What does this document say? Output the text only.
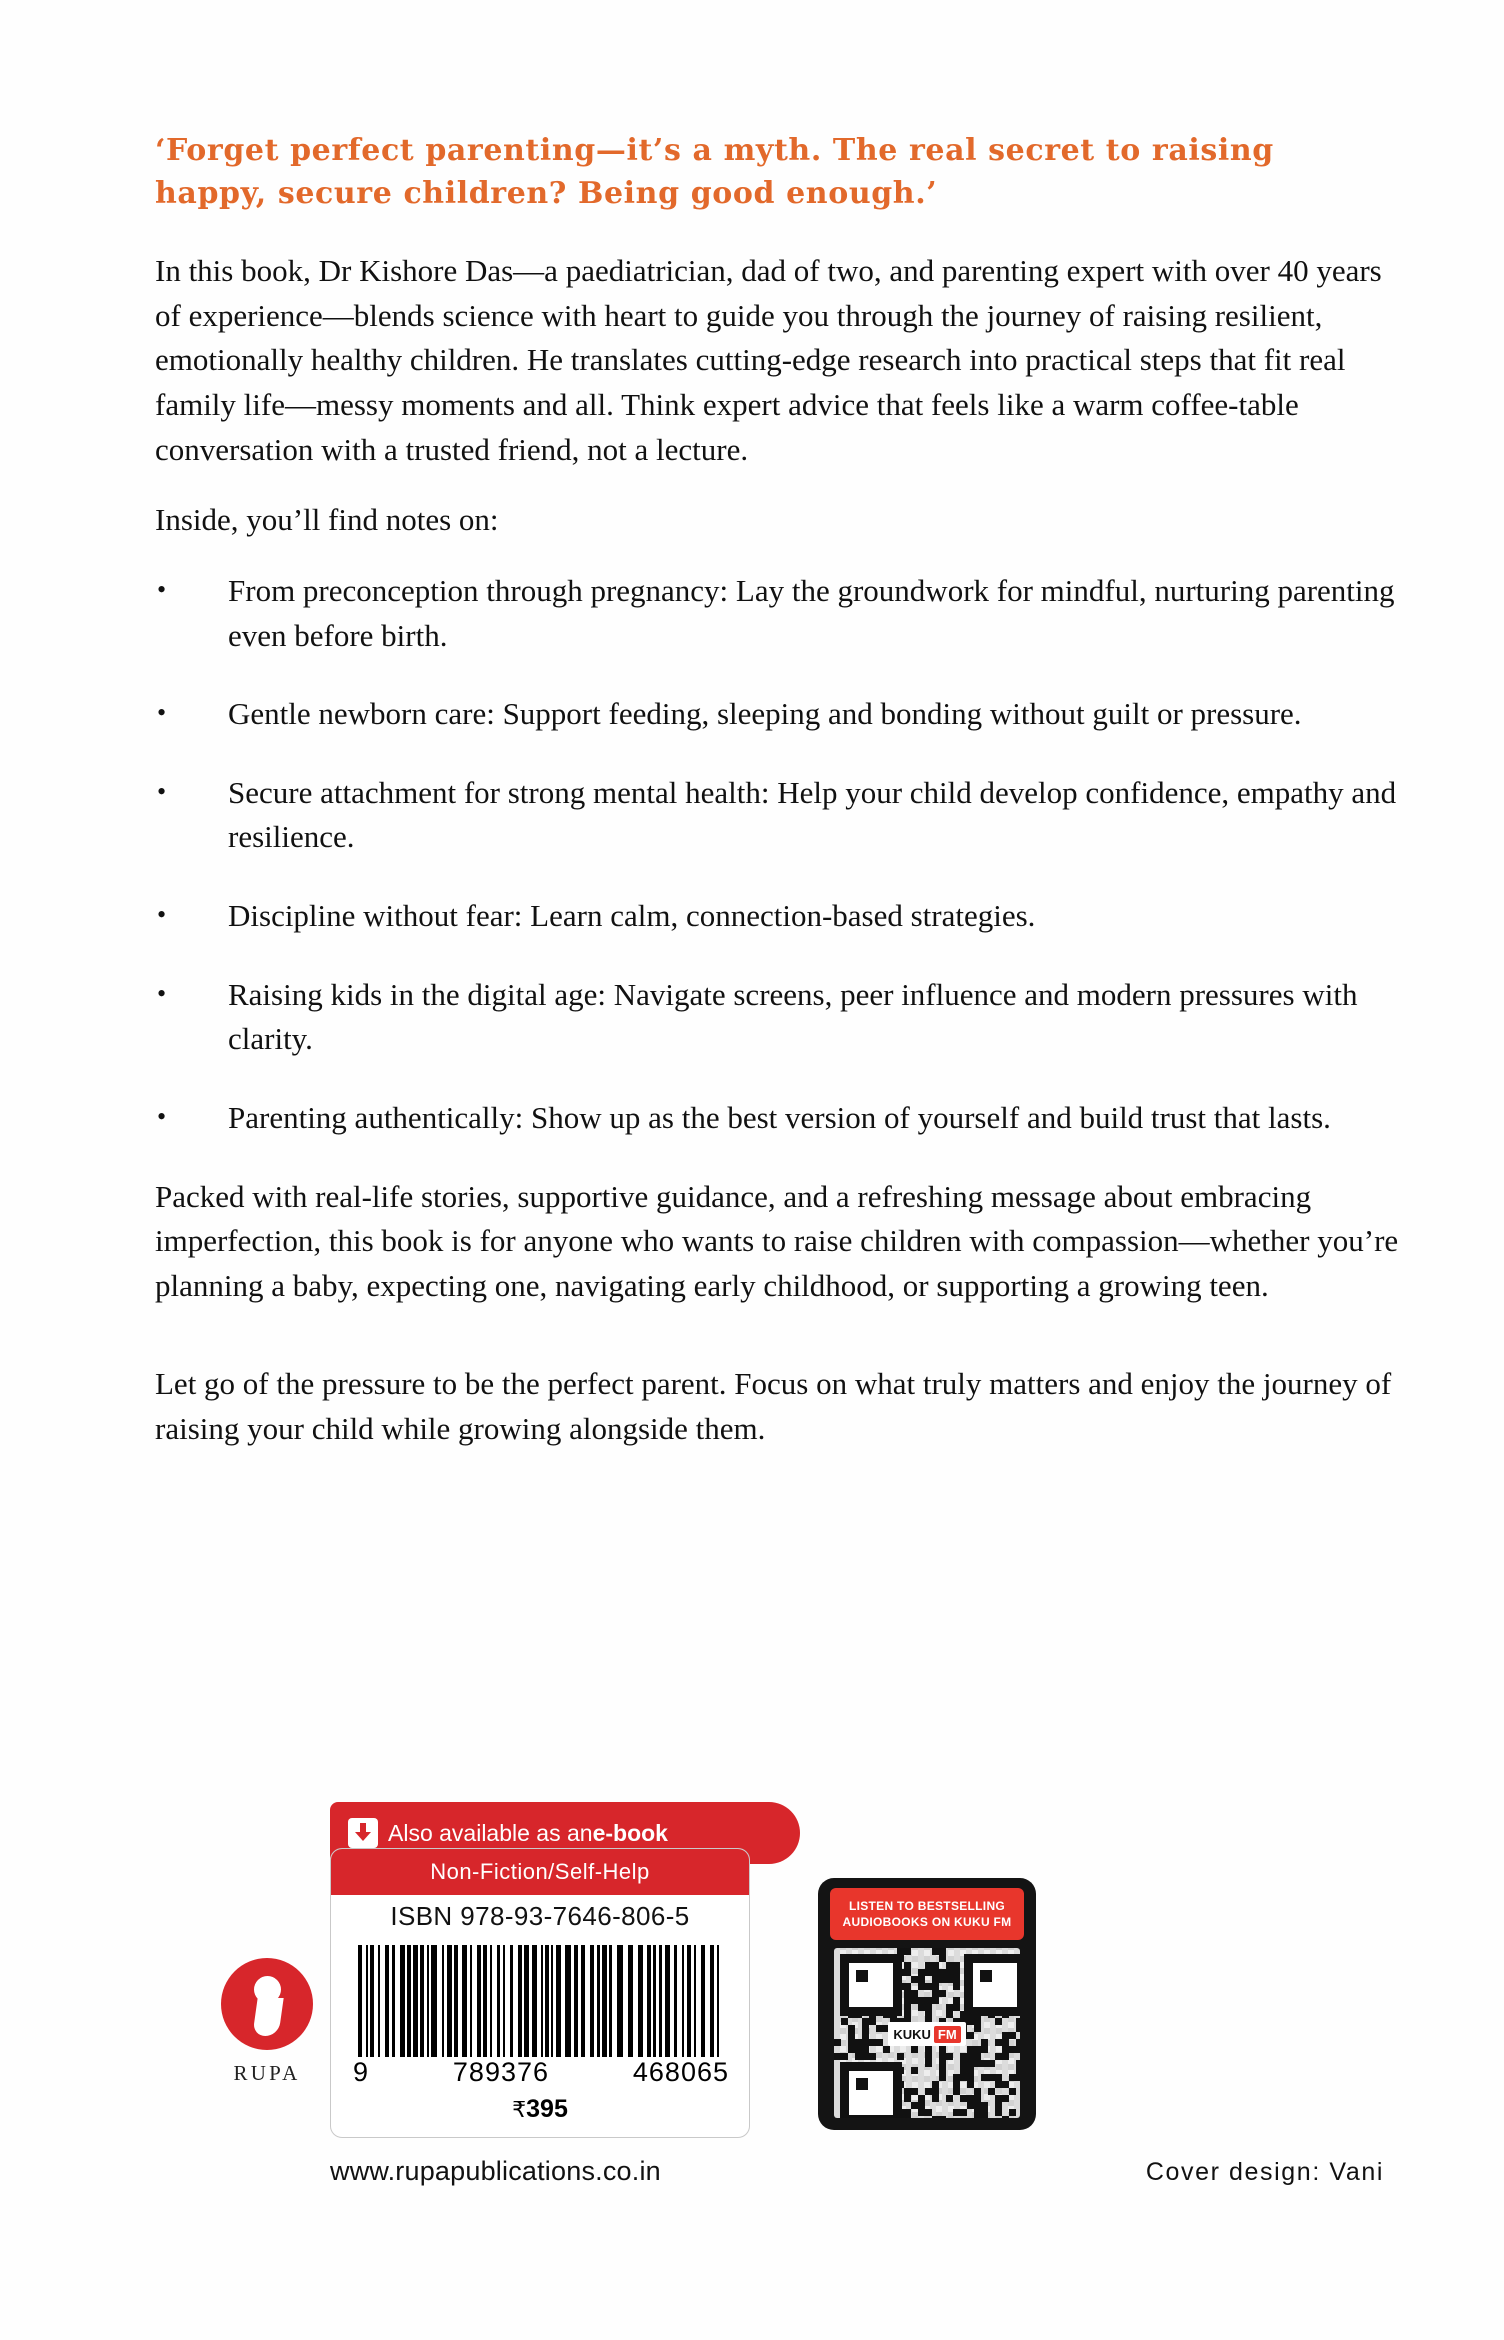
‘Forget perfect parenting—it’s a myth. The real secret to raising happy, secure children? Being good enough.’

In this book, Dr Kishore Das—a paediatrician, dad of two, and parenting expert with over 40 years of experience—blends science with heart to guide you through the journey of raising resilient, emotionally healthy children. He translates cutting-edge research into practical steps that fit real family life—messy moments and all. Think expert advice that feels like a warm coffee-table conversation with a trusted friend, not a lecture.

Inside, you’ll find notes on:

• From preconception through pregnancy: Lay the groundwork for mindful, nurturing parenting even before birth.
• Gentle newborn care: Support feeding, sleeping and bonding without guilt or pressure.
• Secure attachment for strong mental health: Help your child develop confidence, empathy and resilience.
• Discipline without fear: Learn calm, connection-based strategies.
• Raising kids in the digital age: Navigate screens, peer influence and modern pressures with clarity.
• Parenting authentically: Show up as the best version of yourself and build trust that lasts.

Packed with real-life stories, supportive guidance, and a refreshing message about embracing imperfection, this book is for anyone who wants to raise children with compassion—whether you’re planning a baby, expecting one, navigating early childhood, or supporting a growing teen.

Let go of the pressure to be the perfect parent. Focus on what truly matters and enjoy the journey of raising your child while growing alongside them.

RUPA
Also available as an e-book
Non-Fiction/Self-Help
ISBN 978-93-7646-806-5
9	789376	468065
₹395
LISTEN TO BESTSELLING AUDIOBOOKS ON KUKU FM
KUKU FM
www.rupapublications.co.in	Cover design: Vani
